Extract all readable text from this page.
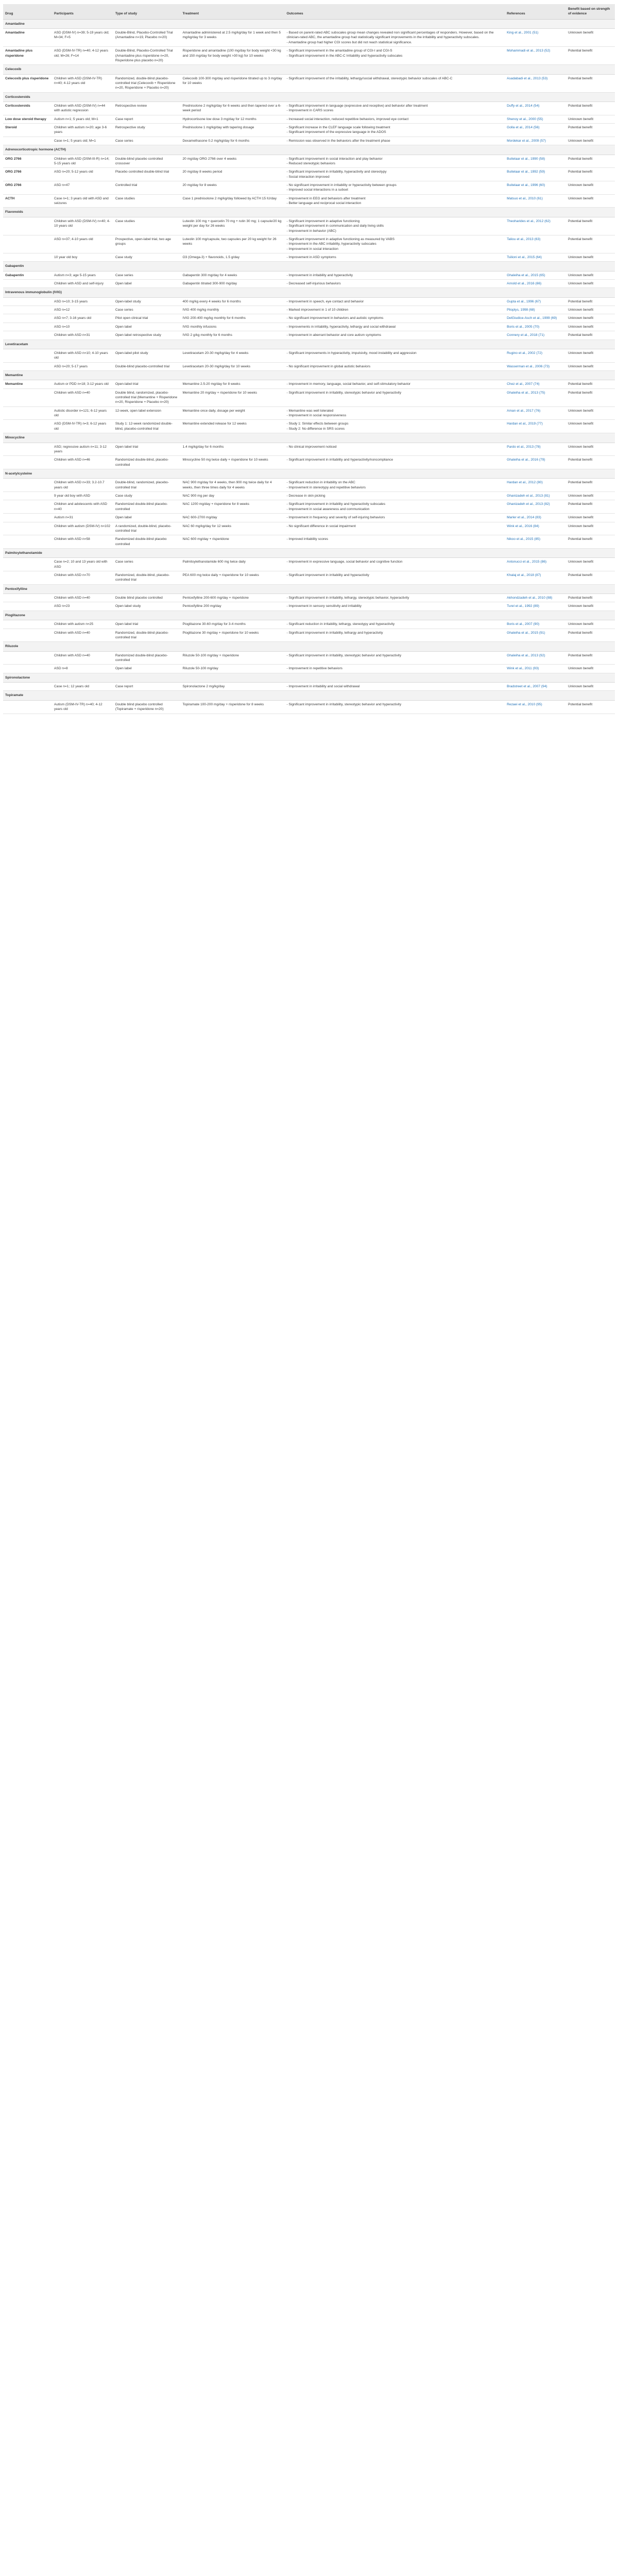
Drug	Participants	Type of study	Treatment	Outcomes	References	Benefit based on strength of evidence
Amantadine						
Amantadine	ASD (DSM-IV) n=39; 5-19 years old; M=34; F=5	Double-Blind, Placebo-Controlled Trial (Amantadine n=19, Placebo n=20)	Amantadine administered at 2.5 mg/kg/day for 1 week and then 5 mg/kg/day for 3 weeks	- Based on parent-rated ABC subscales group mean changes revealed non significant percentages of responders. However, based on the clinician-rated ABC, the amantadine group had statistically significant improvements in the irritability and hyperactivity subscales.
- Amantadine group had higher CGI scores but did not reach statistical significance.	King et al., 2001 (51)	Unknown benefit
Amantadine plus risperidone	ASD (DSM-IV-TR) n=40; 4-12 years old; M=26; F=14	Double-Blind, Placebo-Controlled Trial (Amantadine plus risperidone n=20, Risperidone plus placebo n=20)	Risperidone and amantadine (100 mg/day for body weight <30 kg and 150 mg/day for body weight >30 kg) for 10 weeks	- Significant improvement in the amantadine group of CGI-I and CGI-S
- Significant improvement in the ABC-C Irritability and hyperactivity subscales	Mohammadi et al., 2013 (52)	Potential benefit
Celecoxib						
Celecoxib plus risperidone	Children with ASD (DSM-IV-TR) n=40; 4-12 years old	Randomized, double-blind placebo-controlled trial (Celecoxib + Risperidone n=20, Risperidone + Placebo n=20)	Celecoxib 100-300 mg/day and risperidone titrated up to 3 mg/day for 10 weeks	- Significant improvement of the irritability, lethargy/social withdrawal, stereotypic behavior subscales of ABC-C	Asadabadi et al., 2013 (53)	Potential benefit
Corticosteroids						
Corticosteroids	Children with ASD (DSM-IV) n=44 with autistic regression	Retrospective review	Prednisolone 2 mg/kg/day for 6 weeks and then tapered over a 6-week period	- Significant improvement in language (expressive and receptive) and behavior after treatment
- Improvement in CARS scores	Duffy et al., 2014 (54)	Potential benefit
Low dose steroid therapy	Autism n=1; 5 years old; M=1	Case report	Hydrocortisone low dose 3 mg/day for 12 months	- Increased social interaction, reduced repetitive behaviors, improved eye contact	Shenoy et al., 2000 (55)	Unknown benefit
Steroid	Children with autism n=20; age 3-6 years	Retrospective study	Prednisolone 1 mg/kg/day with tapering dosage	- Significant increase in the CLEF language scale following treatment
- Significant improvement of the expressive language in the ADOS	Golla et al., 2014 (56)	Potential benefit
	Case n=1; 5 years old; M=1	Case series	Dexamethasone 0.2 mg/kg/day for 6 months	- Remission was observed in the behaviors after the treatment phase	Mordekar et al., 2009 (57)	Unknown benefit
Adrenocorticotropic hormone (ACTH)						
ORG 2766	Children with ASD (DSM-III-R) n=14; 5-15 years old	Double-blind placebo controlled crossover	20 mg/day ORG 2766 over 4 weeks	- Significant improvement in social interaction and play behavior
- Reduced stereotypic behaviors	Buitelaar et al., 1990 (58)	Potential benefit
ORG 2766	ASD n=20; 5-12 years old	Placebo controlled double-blind trial	20 mg/day 8 weeks period	- Significant improvement in irritability, hyperactivity and stereotypy
- Social interaction improved	Buitelaar et al., 1992 (59)	Potential benefit
ORG 2766	ASD n=47	Controlled trial	20 mg/day for 8 weeks	- No significant improvement in irritability or hyperactivity between groups
- Improved social interactions in a subset	Buitelaar et al., 1996 (60)	Unknown benefit
ACTH	Case n=1; 3 years old with ASD and seizures	Case studies	Case 1 prednisolone 2 mg/kg/day followed by ACTH 15 IU/day	- Improvement in EEG and behaviors after treatment
- Better language and reciprocal social interaction	Matsuo et al., 2010 (61)	Unknown benefit
Flavonoids						
	Children with ASD (DSM-IV) n=40; 4-10 years old	Case studies	Luteolin 100 mg + quercetin 70 mg + rutin 30 mg; 1 capsule/20 kg weight per day for 26 weeks	- Significant improvement in adaptive functioning
- Significant improvement in communication and daily living skills
- Improvement in behavior (ABC)	Theoharides et al., 2012 (62)	Potential benefit
	ASD n=37; 4-10 years old	Prospective, open-label trial, two age groups	Luteolin 100 mg/capsule, two capsules per 20 kg weight for 26 weeks	- Significant improvement in adaptive functioning as measured by VABS
- Improvement in the ABC irritability, hyperactivity subscales
- Improvement in social interaction	Taliou et al., 2013 (63)	Potential benefit
	10 year old boy	Case study	O3 (Omega-3) + flavonoids, 1.5 g/day	- Improvement in ASD symptoms	Tsilioni et al., 2015 (64)	Unknown benefit
Gabapentin						
Gabapentin	Autism n=3; age 5-15 years	Case series	Gabapentin 300 mg/day for 4 weeks	- Improvement in irritability and hyperactivity	Ghaleiha et al., 2015 (65)	Unknown benefit
	Children with ASD and self-injury	Open label	Gabapentin titrated 300-900 mg/day	- Decreased self-injurious behaviors	Arnold et al., 2016 (66)	Unknown benefit
Intravenous immunoglobulin (IVIG)						
	ASD n=10; 3-15 years	Open-label study	400 mg/kg every 4 weeks for 6 months	- Improvement in speech, eye contact and behavior	Gupta et al., 1996 (67)	Potential benefit
	ASD n=12	Case series	IVIG 400 mg/kg monthly	- Marked improvement in 1 of 10 children	Plioplys, 1998 (68)	Unknown benefit
	ASD n=7; 3-16 years old	Pilot open clinical trial	IVIG 200-400 mg/kg monthly for 6 months	- No significant improvement in behaviors and autistic symptoms	DelGiudice-Asch et al., 1999 (69)	Unknown benefit
	ASD n=10	Open label	IVIG monthly infusions	- Improvements in irritability, hyperactivity, lethargy and social withdrawal	Boris et al., 2005 (70)	Unknown benefit
	Children with ASD n=31	Open label retrospective study	IVIG 2 g/kg monthly for 6 months	- Improvement in aberrant behavior and core autism symptoms	Connery et al., 2018 (71)	Potential benefit
Levetiracetam						
	Children with ASD n=10; 4-10 years old	Open-label pilot study	Levetiracetam 20-30 mg/kg/day for 4 weeks	- Significant improvements in hyperactivity, impulsivity, mood instability and aggression	Rugino et al., 2002 (72)	Unknown benefit
	ASD n=20; 5-17 years	Double-blind placebo-controlled trial	Levetiracetam 20-30 mg/kg/day for 10 weeks	- No significant improvement in global autistic behaviors	Wasserman et al., 2006 (73)	Unknown benefit
Memantine						
Memantine	Autism or PDD n=18; 3-12 years old	Open-label trial	Memantine 2.5-20 mg/day for 8 weeks	- Improvement in memory, language, social behavior, and self-stimulatory behavior	Chez et al., 2007 (74)	Potential benefit
	Children with ASD n=40	Double blind, randomized, placebo-controlled trial (Memantine + Risperidone n=20, Risperidone + Placebo n=20)	Memantine 20 mg/day + risperidone for 10 weeks	- Significant improvement in irritability, stereotypic behavior and hyperactivity	Ghaleiha et al., 2013 (75)	Potential benefit
	Autistic disorder n=121; 6-12 years old	12-week, open label extension	Memantine once daily, dosage per weight	- Memantine was well tolerated
- Improvement in social responsiveness	Aman et al., 2017 (76)	Unknown benefit
	ASD (DSM-IV-TR) n=3; 6-12 years old	Study 1: 12-week randomized double-blind, placebo-controlled trial	Memantine extended release for 12 weeks	- Study 1: Similar effects between groups
- Study 2: No difference in SRS scores	Hardan et al., 2019 (77)	Unknown benefit
Minocycline						
	ASD; regressive autism n=11; 3-12 years	Open label trial	1.4 mg/kg/day for 6 months	- No clinical improvement noticed	Pardo et al., 2013 (78)	Unknown benefit
	Children with ASD n=46	Randomized double-blind, placebo-controlled	Minocycline 50 mg twice daily + risperidone for 10 weeks	- Significant improvement in irritability and hyperactivity/noncompliance	Ghaleiha et al., 2016 (79)	Potential benefit
N-acetylcysteine						
	Children with ASD n=33; 3.2-10.7 years old	Double-blind, randomized, placebo-controlled trial	NAC 900 mg/day for 4 weeks, then 900 mg twice daily for 4 weeks, then three times daily for 4 weeks	- Significant reduction in irritability on the ABC
- Improvement in stereotypy and repetitive behaviors	Hardan et al., 2012 (80)	Potential benefit
	9 year old boy with ASD	Case study	NAC 900 mg per day	- Decrease in skin picking	Ghanizadeh et al., 2013 (81)	Unknown benefit
	Children and adolescents with ASD n=40	Randomized double-blind placebo-controlled	NAC 1200 mg/day + risperidone for 8 weeks	- Significant improvement in irritability and hyperactivity subscales
- Improvement in social awareness and communication	Ghanizadeh et al., 2013 (82)	Potential benefit
	Autism n=31	Open label	NAC 600-2700 mg/day	- Improvement in frequency and severity of self-injuring behaviors	Marler et al., 2014 (83)	Unknown benefit
	Children with autism (DSM-IV) n=102	A randomized, double-blind, placebo-controlled trial	NAC 60 mg/kg/day for 12 weeks	- No significant difference in social impairment	Wink et al., 2016 (84)	Unknown benefit
	Children with ASD n=58	Randomized double-blind placebo controlled	NAC 600 mg/day + risperidone	- Improved irritability scores	Nikoo et al., 2015 (85)	Potential benefit
Palmitoylethanolamide						
	Case n=2; 10 and 13 years old with ASD	Case series	Palmitoylethanolamide 600 mg twice daily	- Improvement in expressive language, social behavior and cognitive function	Antonucci et al., 2015 (86)	Unknown benefit
	Children with ASD n=70	Randomized, double-blind, placebo-controlled trial	PEA 600 mg twice daily + risperidone for 10 weeks	- Significant improvement in irritability and hyperactivity	Khalaj et al., 2018 (87)	Potential benefit
Pentoxifylline						
	Children with ASD n=40	Double blind placebo controlled	Pentoxifylline 200-600 mg/day + risperidone	- Significant improvement in irritability, lethargy, stereotypic behavior, hyperactivity	Akhondzadeh et al., 2010 (88)	Potential benefit
	ASD n=23	Open label study	Pentoxifylline 200 mg/day	- Improvement in sensory sensitivity and irritability	Turel et al., 1992 (89)	Unknown benefit
Pioglitazone						
	Children with autism n=25	Open label trial	Pioglitazone 30-60 mg/day for 3-4 months	- Significant reduction in irritability, lethargy, stereotypy and hyperactivity	Boris et al., 2007 (90)	Unknown benefit
	Children with ASD n=40	Randomized, double-blind placebo-controlled trial	Pioglitazone 30 mg/day + risperidone for 10 weeks	- Significant improvement in irritability, lethargy and hyperactivity	Ghaleiha et al., 2015 (91)	Potential benefit
Riluzole						
	Children with ASD n=40	Randomized double-blind placebo-controlled	Riluzole 50-100 mg/day + risperidone	- Significant improvement in irritability, stereotypic behavior and hyperactivity	Ghaleiha et al., 2013 (92)	Potential benefit
	ASD n=8	Open label	Riluzole 50-100 mg/day	- Improvement in repetitive behaviors	Wink et al., 2011 (93)	Unknown benefit
Spironolactone						
	Case n=1; 12 years old	Case report	Spironolactone 2 mg/kg/day	- Improvement in irritability and social withdrawal	Bradstreet et al., 2007 (94)	Unknown benefit
Topiramate						
	Autism (DSM-IV-TR) n=40; 4-12 years old	Double blind placebo controlled (Topiramate + risperidone n=20)	Topiramate 100-200 mg/day + risperidone for 8 weeks	- Significant improvement in irritability, stereotypic behavior and hyperactivity	Rezaei et al., 2010 (95)	Potential benefit
